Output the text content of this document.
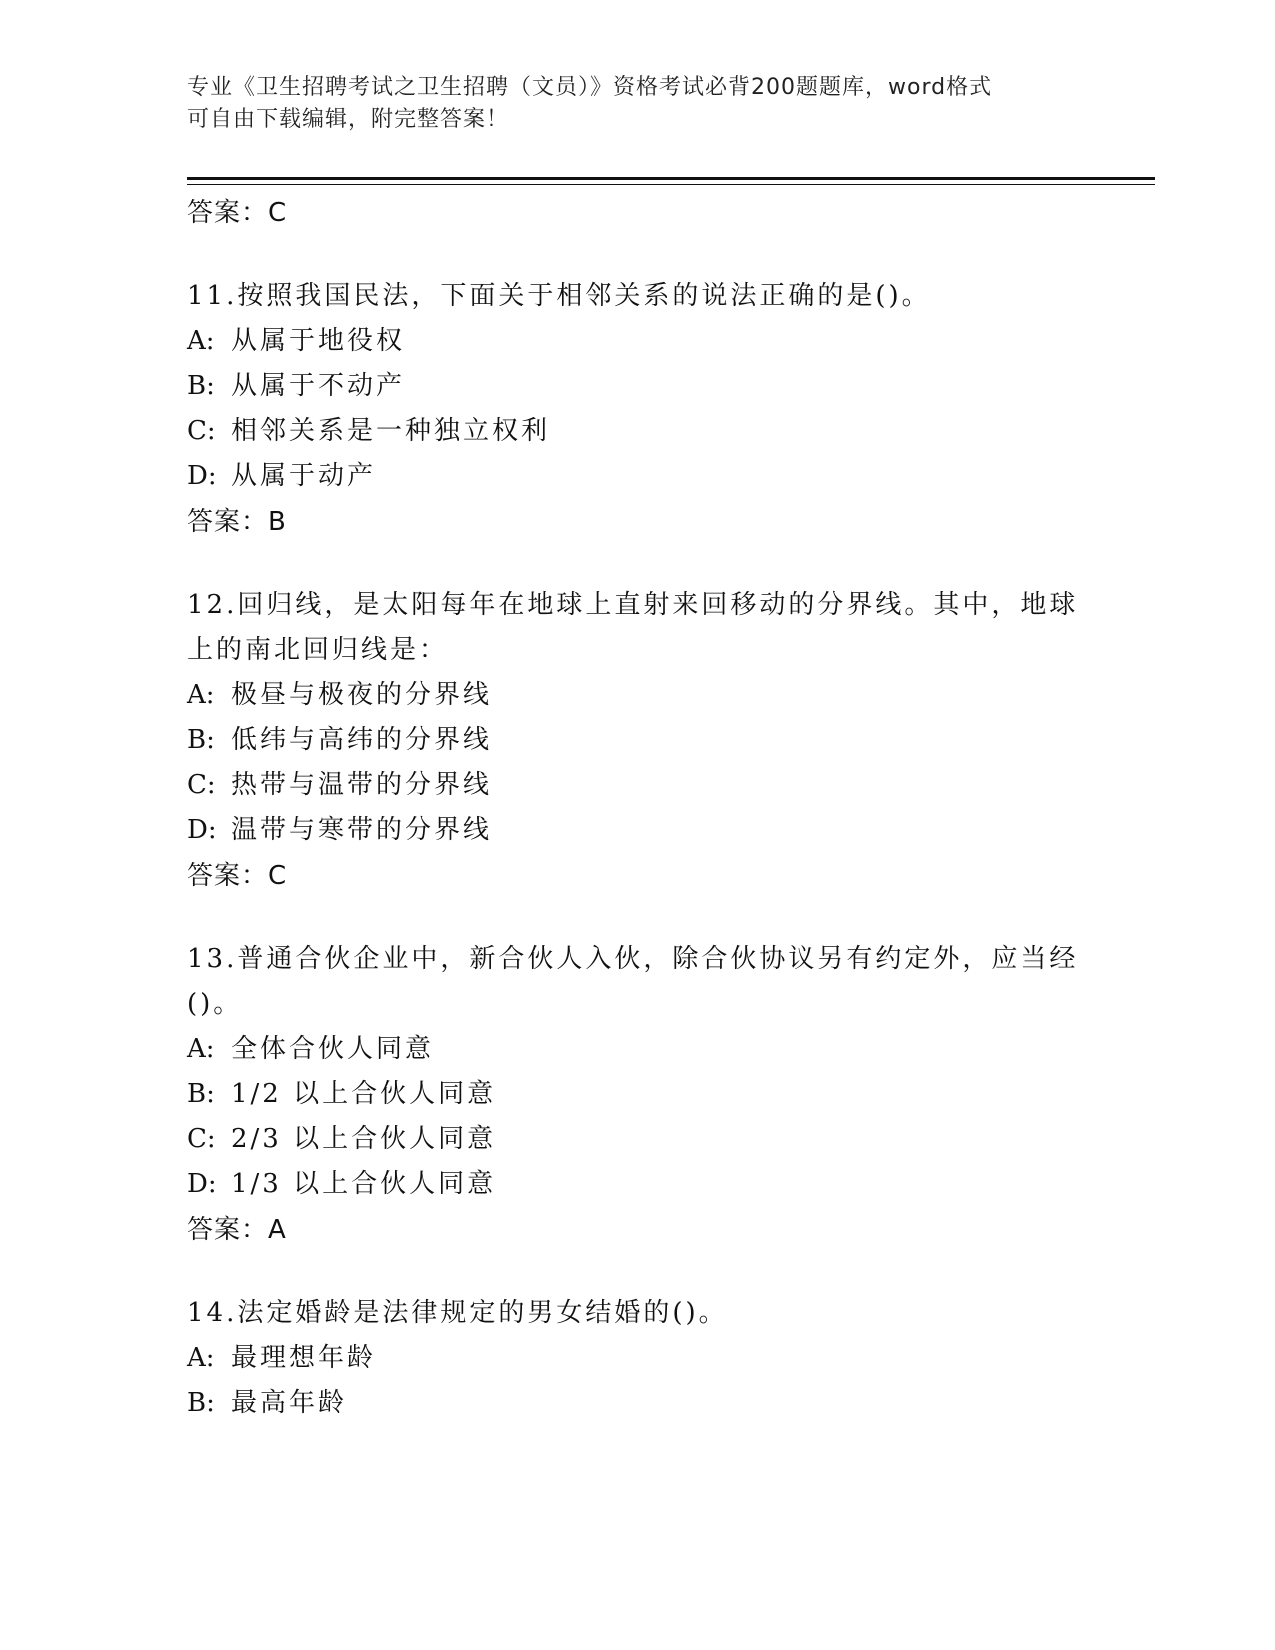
专业《卫生招聘考试之卫生招聘（文员）》资格考试必背200题题库，word格式
可自由下载编辑，附完整答案！
答案：C
11.按照我国民法，下面关于相邻关系的说法正确的是()。
A: 从属于地役权
B: 从属于不动产
C: 相邻关系是一种独立权利
D: 从属于动产
答案：B
12.回归线，是太阳每年在地球上直射来回移动的分界线。其中，地球
上的南北回归线是：
A: 极昼与极夜的分界线
B: 低纬与高纬的分界线
C: 热带与温带的分界线
D: 温带与寒带的分界线
答案：C
13.普通合伙企业中，新合伙人入伙，除合伙协议另有约定外，应当经
()。
A: 全体合伙人同意
B: 1/2 以上合伙人同意
C: 2/3 以上合伙人同意
D: 1/3 以上合伙人同意
答案：A
14.法定婚龄是法律规定的男女结婚的()。
A: 最理想年龄
B: 最高年龄
